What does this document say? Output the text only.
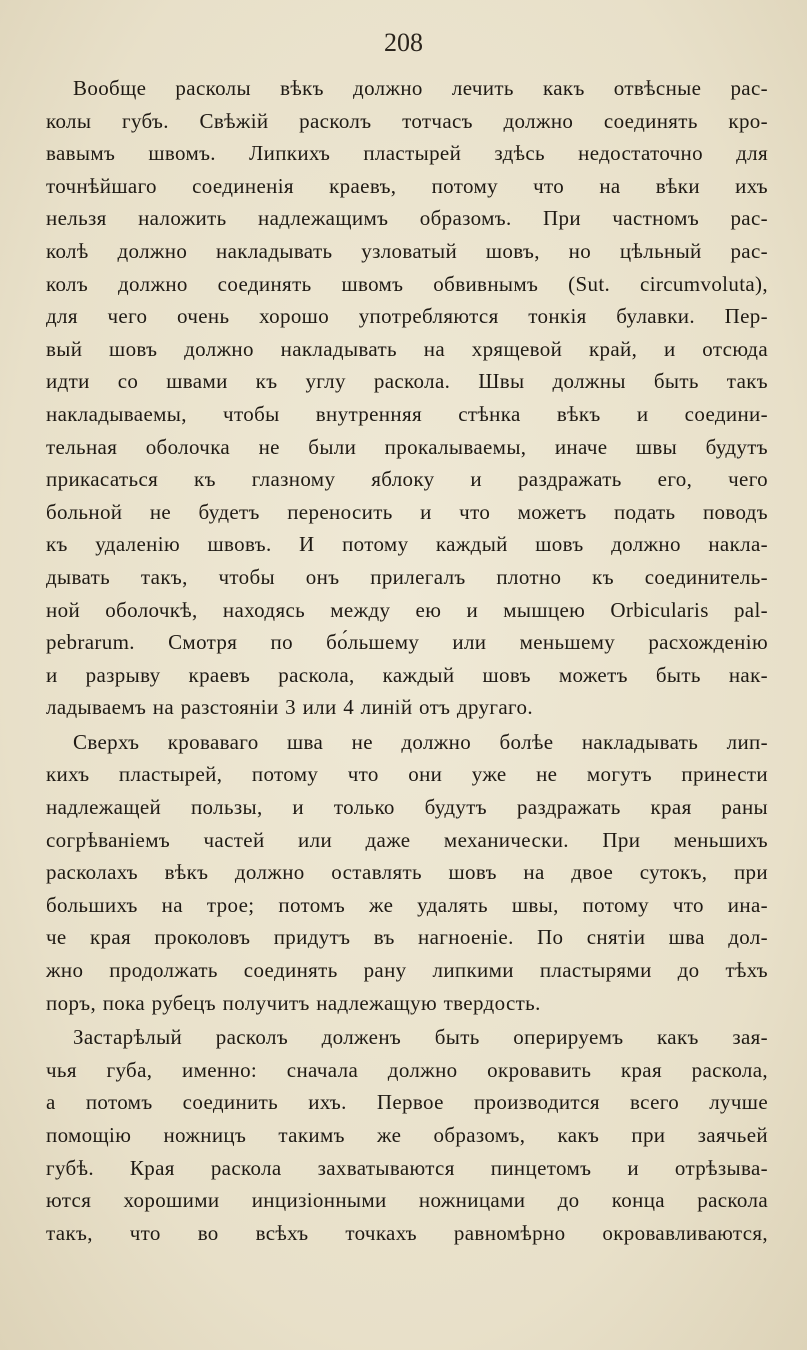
208
Вообще расколы вѣкъ должно лечить какъ отвѣсные рас-
колы губъ. Свѣжій расколъ тотчасъ должно соединять кро-
вавымъ швомъ. Липкихъ пластырей здѣсь недостаточно для
точнѣйшаго соединенія краевъ, потому что на вѣки ихъ
нельзя наложить надлежащимъ образомъ. При частномъ рас-
колѣ должно накладывать узловатый шовъ, но цѣльный рас-
колъ должно соединять швомъ обвивнымъ (Sut. circumvoluta),
для чего очень хорошо употребляются тонкія булавки. Пер-
вый шовъ должно накладывать на хрящевой край, и отсюда
идти со швами къ углу раскола. Швы должны быть такъ
накладываемы, чтобы внутренняя стѣнка вѣкъ и соедини-
тельная оболочка не были прокалываемы, иначе швы будутъ
прикасаться къ глазному яблоку и раздражать его, чего
больной не будетъ переносить и что можетъ подать поводъ
къ удаленію швовъ. И потому каждый шовъ должно накла-
дывать такъ, чтобы онъ прилегалъ плотно къ соединитель-
ной оболочкѣ, находясь между ею и мышцею Orbicularis pal-
pebrarum. Смотря по бо́льшему или меньшему расхожденію
и разрыву краевъ раскола, каждый шовъ можетъ быть нак-
ладываемъ на разстояніи 3 или 4 линій отъ другаго.
Сверхъ кроваваго шва не должно болѣе накладывать лип-
кихъ пластырей, потому что они уже не могутъ принести
надлежащей пользы, и только будутъ раздражать края раны
согрѣваніемъ частей или даже механически. При меньшихъ
расколахъ вѣкъ должно оставлять шовъ на двое сутокъ, при
большихъ на трое; потомъ же удалять швы, потому что ина-
че края проколовъ придутъ въ нагноеніе. По снятіи шва дол-
жно продолжать соединять рану липкими пластырями до тѣхъ
поръ, пока рубецъ получитъ надлежащую твердость.
Застарѣлый расколъ долженъ быть оперируемъ какъ зая-
чья губа, именно: сначала должно окровавить края раскола,
а потомъ соединить ихъ. Первое производится всего лучше
помощію ножницъ такимъ же образомъ, какъ при заячьей
губѣ. Края раскола захватываются пинцетомъ и отрѣзыва-
ются хорошими инцизіонными ножницами до конца раскола
такъ, что во всѣхъ точкахъ равномѣрно окровавливаются,
